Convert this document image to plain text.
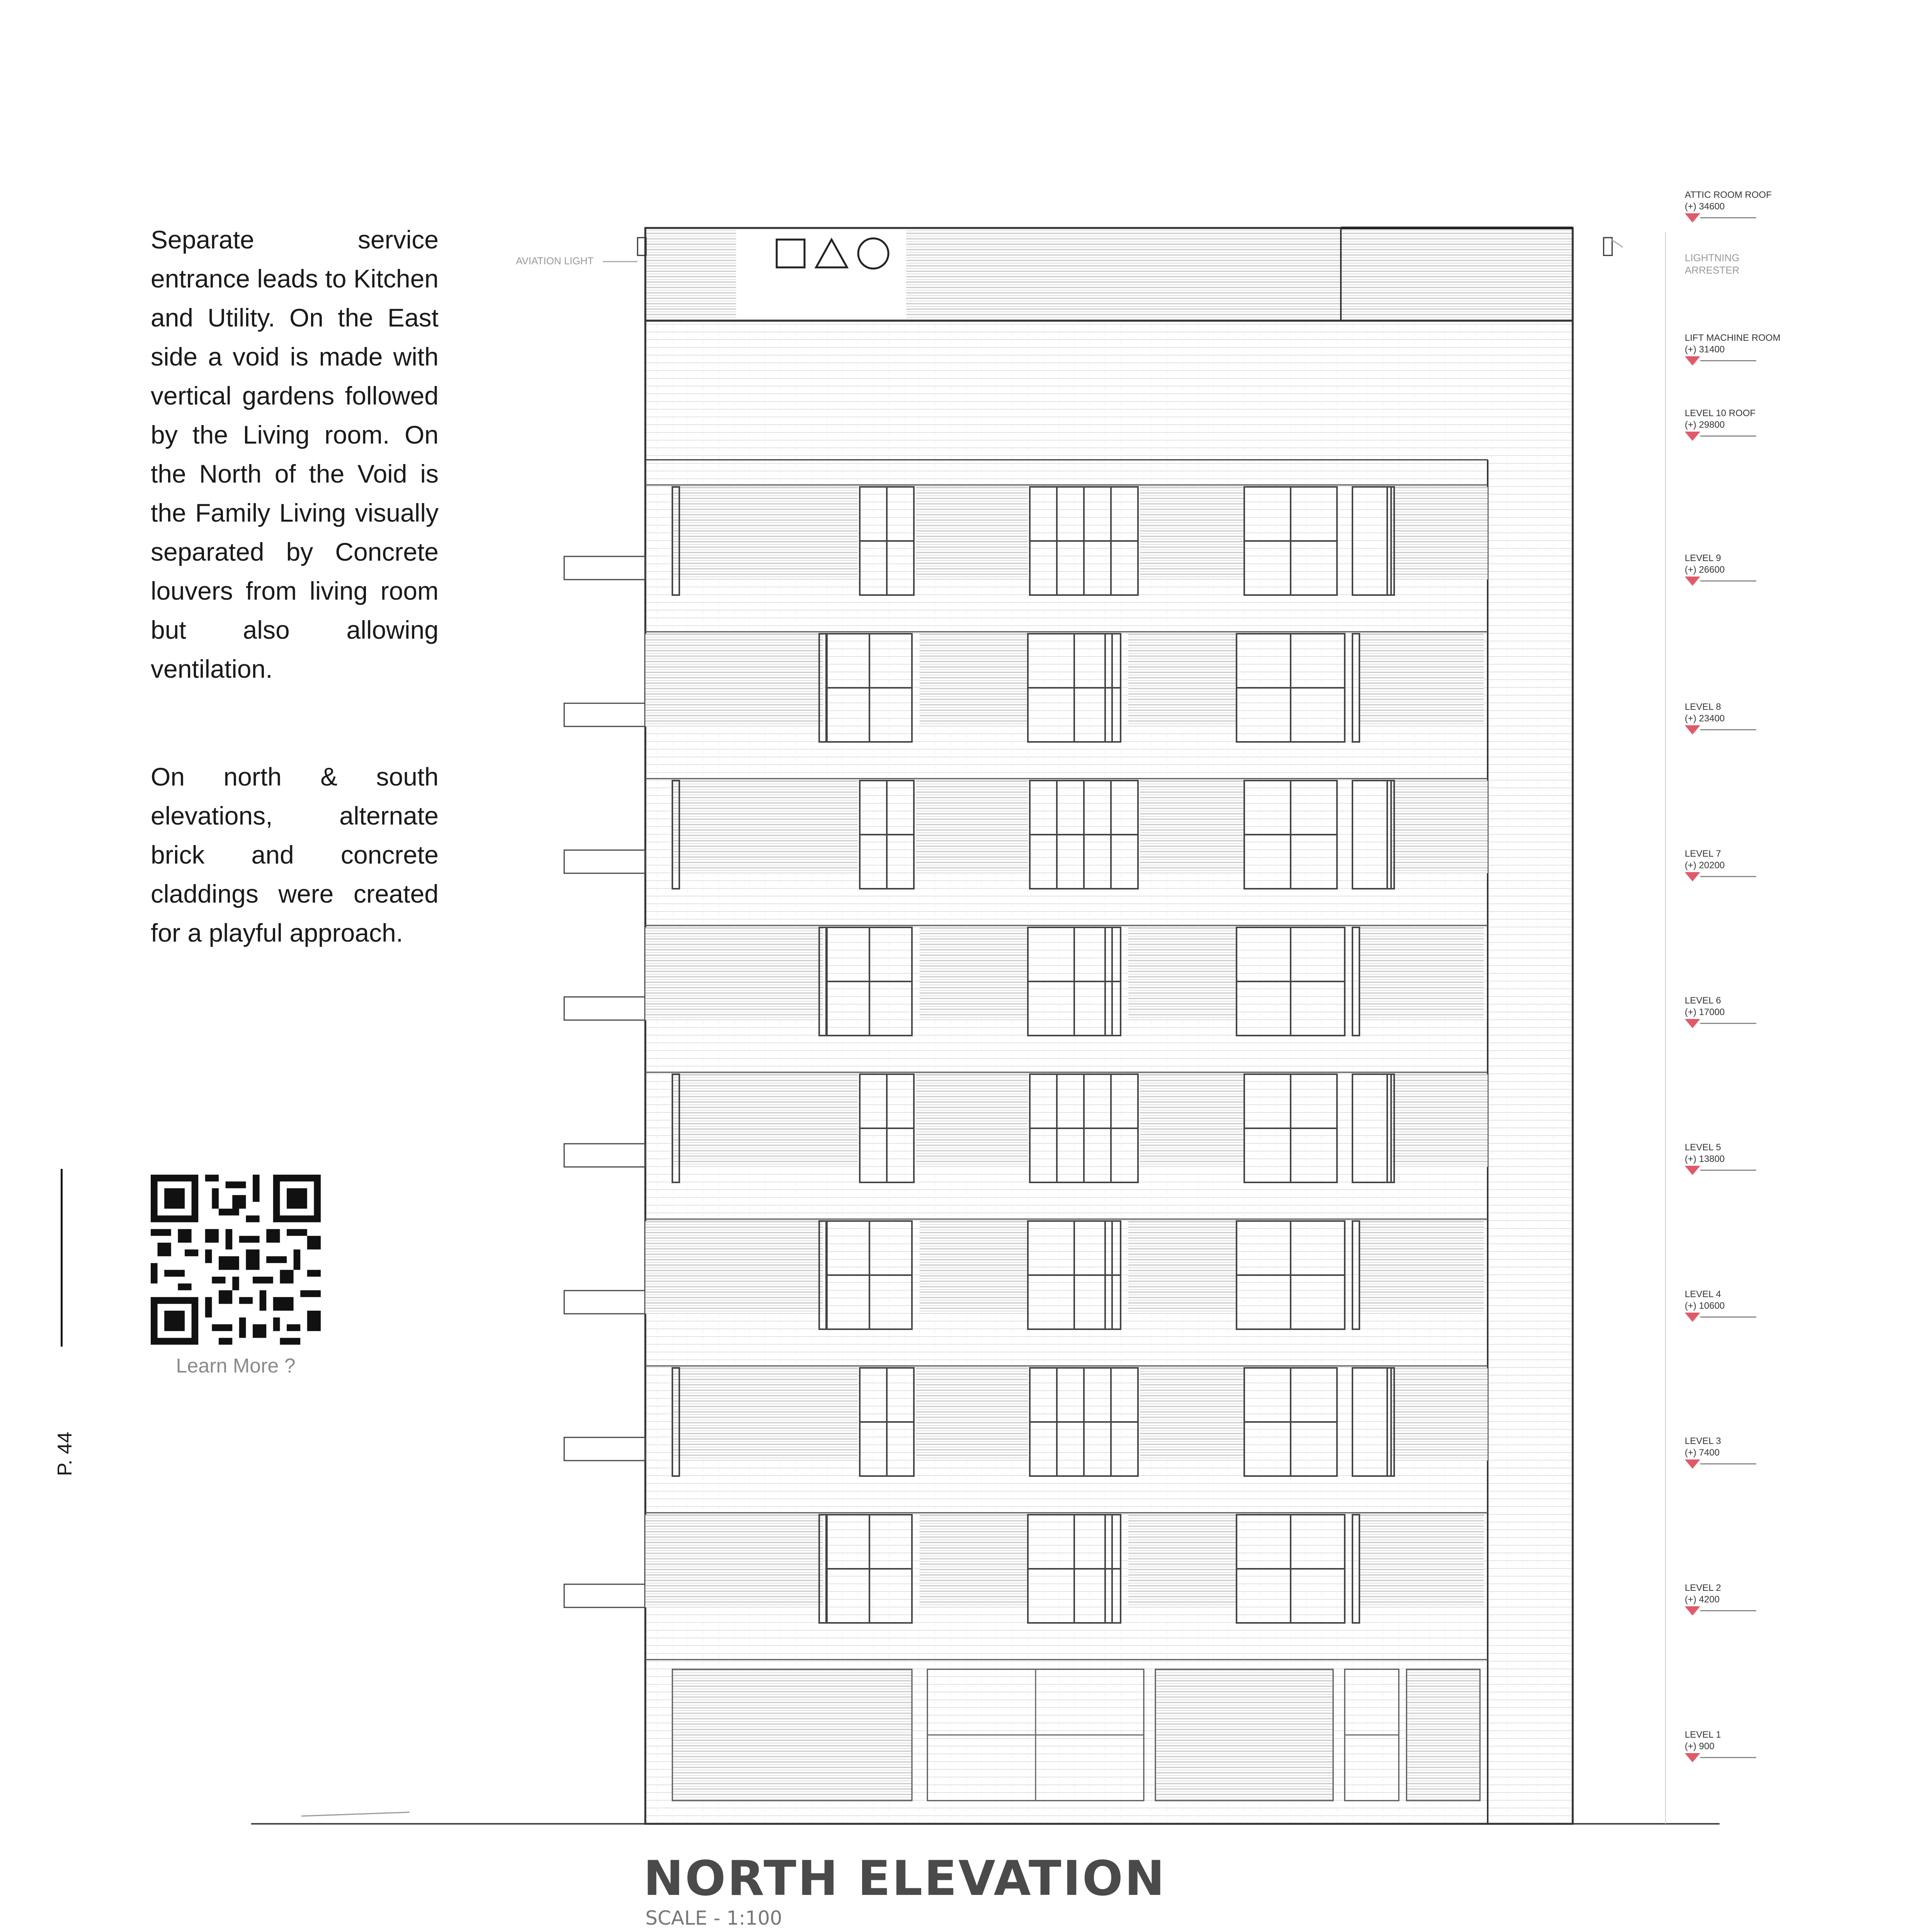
Separate service entrance leads to Kitchen and Utility. On the East side a void is made with vertical gardens followed by the Living room. On the North of the Void is the Family Living visually separated by Concrete louvers from living room but also allowing ventilation.
On north & south elevations, alternate brick and concrete claddings were created for a playful approach.
Learn More ?
P. 44
AVIATION LIGHT	LIGHTNING
ARRESTER
ATTIC ROOM ROOF
(+) 34600
LIFT MACHINE ROOM
(+) 31400
LEVEL 10 ROOF
(+) 29800
LEVEL 9
(+) 26600
LEVEL 8
(+) 23400
LEVEL 7
(+) 20200
LEVEL 6
(+) 17000
LEVEL 5
(+) 13800
LEVEL 4
(+) 10600
LEVEL 3
(+) 7400
LEVEL 2
(+) 4200
LEVEL 1
(+) 900
NORTH ELEVATION
SCALE - 1:100
